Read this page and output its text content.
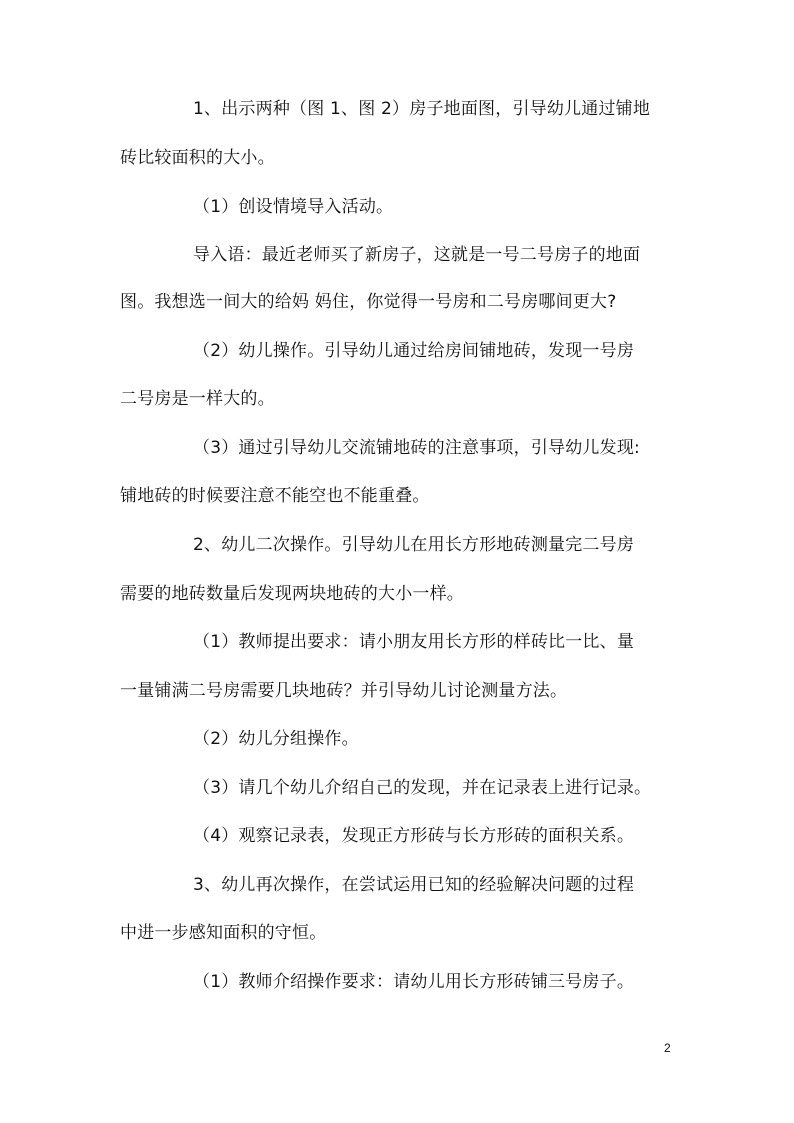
1、出示两种（图 1、图 2）房子地面图，引导幼儿通过铺地
砖比较面积的大小。
（1）创设情境导入活动。
导入语：最近老师买了新房子，这就是一号二号房子的地面
图。我想选一间大的给妈 妈住，你觉得一号房和二号房哪间更大?
（2）幼儿操作。引导幼儿通过给房间铺地砖，发现一号房
二号房是一样大的。
（3）通过引导幼儿交流铺地砖的注意事项，引导幼儿发现:
铺地砖的时候要注意不能空也不能重叠。
2、幼儿二次操作。引导幼儿在用长方形地砖测量完二号房
需要的地砖数量后发现两块地砖的大小一样。
（1）教师提出要求：请小朋友用长方形的样砖比一比、量
一量铺满二号房需要几块地砖？并引导幼儿讨论测量方法。
（2）幼儿分组操作。
（3）请几个幼儿介绍自己的发现，并在记录表上进行记录。
（4）观察记录表，发现正方形砖与长方形砖的面积关系。
3、幼儿再次操作，在尝试运用已知的经验解决问题的过程
中进一步感知面积的守恒。
（1）教师介绍操作要求：请幼儿用长方形砖铺三号房子。
2
